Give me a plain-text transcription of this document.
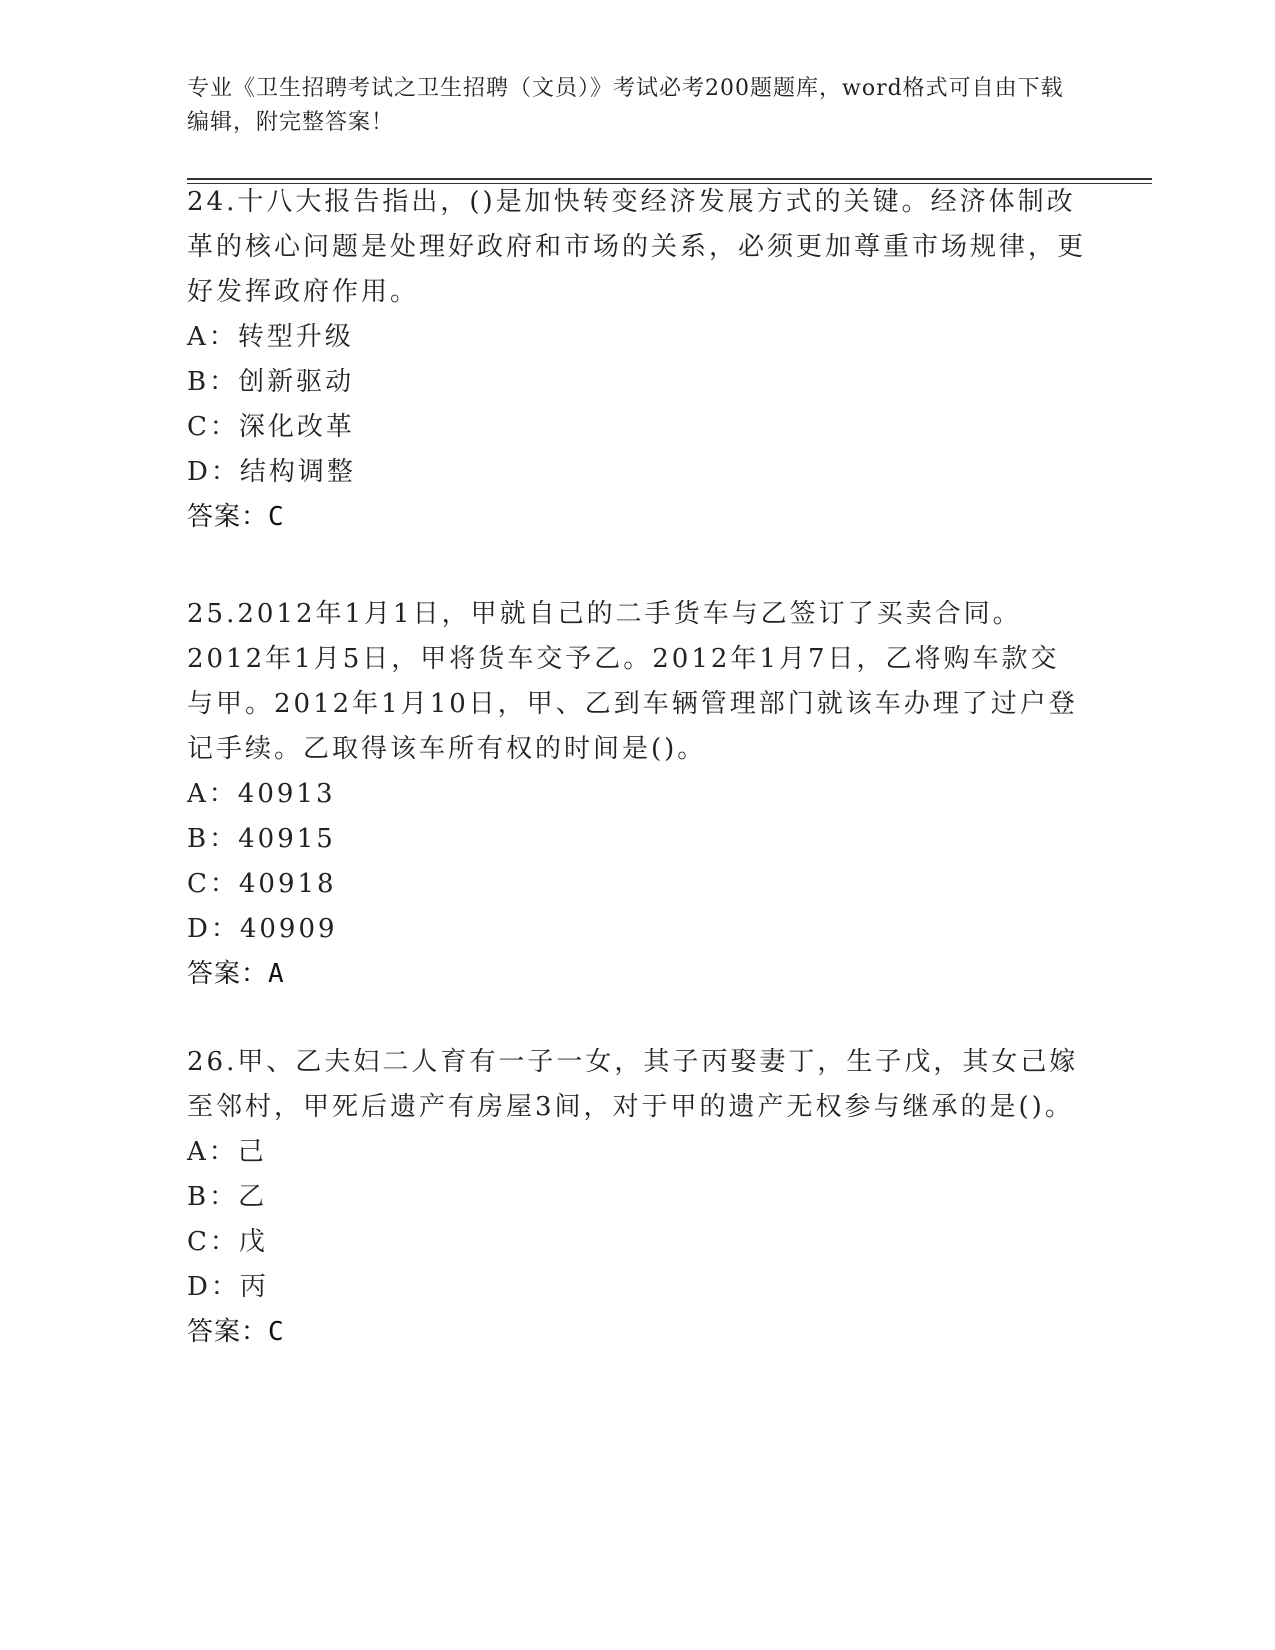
专业《卫生招聘考试之卫生招聘（文员）》考试必考200题题库，word格式可自由下载编辑，附完整答案！

24.十八大报告指出，()是加快转变经济发展方式的关键。经济体制改革的核心问题是处理好政府和市场的关系，必须更加尊重市场规律，更好发挥政府作用。

A：转型升级

B：创新驱动

C：深化改革

D：结构调整

答案：C

25.2012年1月1日，甲就自己的二手货车与乙签订了买卖合同。2012年1月5日，甲将货车交予乙。2012年1月7日，乙将购车款交与甲。2012年1月10日，甲、乙到车辆管理部门就该车办理了过户登记手续。乙取得该车所有权的时间是()。

A：40913

B：40915

C：40918

D：40909

答案：A

26.甲、乙夫妇二人育有一子一女，其子丙娶妻丁，生子戊，其女己嫁至邻村，甲死后遗产有房屋3间，对于甲的遗产无权参与继承的是()。

A：己

B：乙

C：戊

D：丙

答案：C
